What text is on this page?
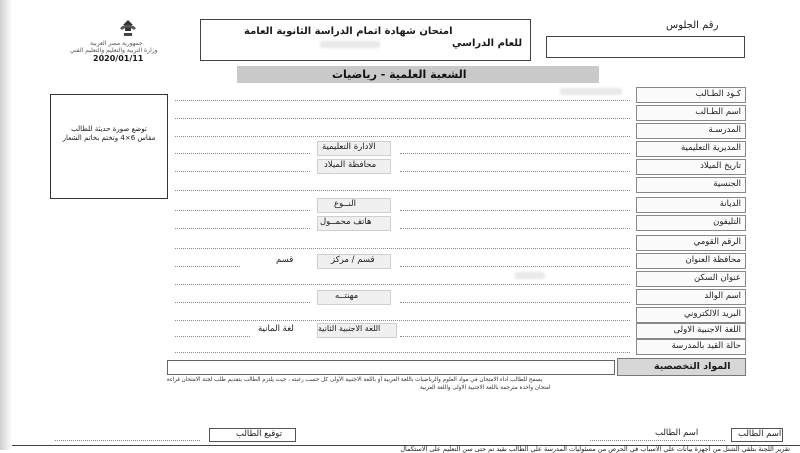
جمهورية مصر العربية
وزارة التربية والتعليم والتعليم الفني
2020/01/11
امتحان شهادة اتمام الدراسة الثانوية العامة
للعام الدراسي
رقم الجلوس
الشعبة العلمية - رياضيات
توضع صورة حديثة للطالب مقاس 6×4 وتختم بخاتم الشعار
كـود الطـالب
اسم الطـالب
المدرسـة
المديرية التعليمية
تاريخ الميلاد
الجنسية
الديانة
التليفون
الرقم القومي
محافظة العنوان
عنوان السكن
اسم الوالد
البريد الالكتروني
اللغة الاجنبية الاولى
حالة القيد بالمدرسة
الادارة التعليمية
محافظة الميلاد
النــوع
هاتف محمــول
قسم / مركز
قسم
مهنتــه
اللغة الاجنبية الثانية
لغة المانية
المواد التخصصية
يسمح للطالب اداء الامتحان في مواد العلوم والرياضيات باللغة العربية أو باللغة الاجنبية الأولى كل حسب رغبته ، حيث يلتزم الطالب بتقديم طلب لجنة الامتحان قراءة
امتحان واحدة مترجمة باللغة الاجنبية الاولى واللغة العربية
اسم الطالب
اسم الطالب
توقيع الطالب
تقرير اللجنة بتلقي الشتل من اجهزة بيانات علي الاسباب في الحرص من مسئوليات المدرسة علي الطالب بقيد تم حتى سن التعليم على الاستكمال
